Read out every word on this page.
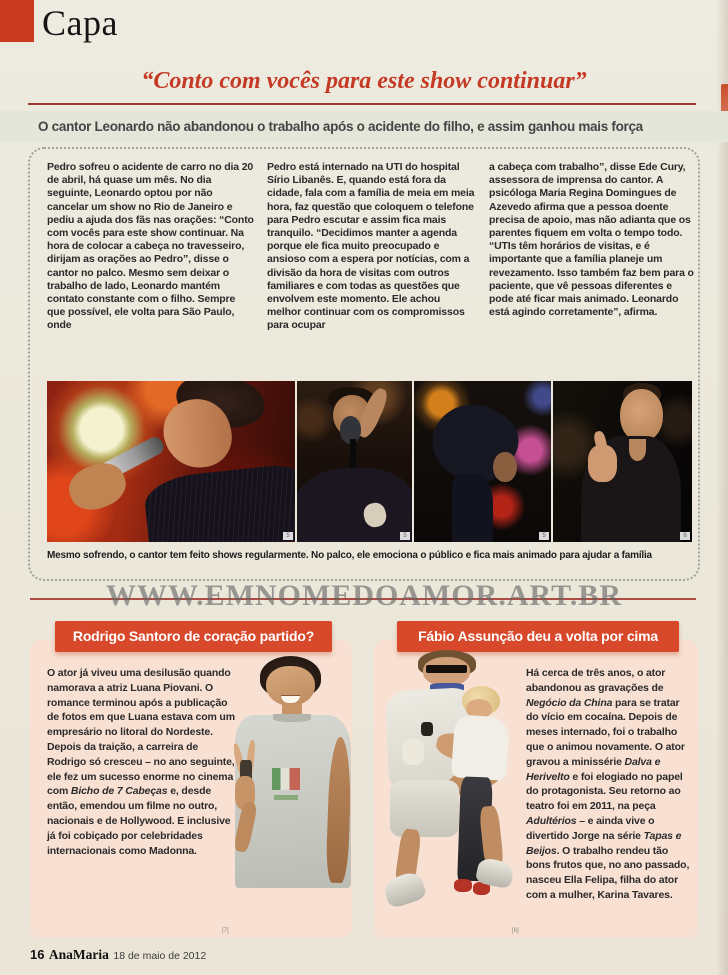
Capa
“Conto com vocês para este show continuar”
O cantor Leonardo não abandonou o trabalho após o acidente do filho, e assim ganhou mais força
Pedro sofreu o acidente de carro no dia 20 de abril, há quase um mês. No dia seguinte, Leonardo optou por não cancelar um show no Rio de Janeiro e pediu a ajuda dos fãs nas orações: “Conto com vocês para este show continuar. Na hora de colocar a cabeça no travesseiro, dirijam as orações ao Pedro”, disse o cantor no palco. Mesmo sem deixar o trabalho de lado, Leonardo mantém contato constante com o filho. Sempre que possível, ele volta para São Paulo, onde
Pedro está internado na UTI do hospital Sírio Libanês. E, quando está fora da cidade, fala com a família de meia em meia hora, faz questão que coloquem o telefone para Pedro escutar e assim fica mais tranquilo. “Decidimos manter a agenda porque ele fica muito preocupado e ansioso com a espera por notícias, com a divisão da hora de visitas com outros familiares e com todas as questões que envolvem este momento. Ele achou melhor continuar com os compromissos para ocupar
a cabeça com trabalho”, disse Ede Cury, assessora de imprensa do cantor. A psicóloga Maria Regina Domingues de Azevedo afirma que a pessoa doente precisa de apoio, mas não adianta que os parentes fiquem em volta o tempo todo. “UTIs têm horários de visitas, e é importante que a família planeje um revezamento. Isso também faz bem para o paciente, que vê pessoas diferentes e pode até ficar mais animado. Leonardo está agindo corretamente”, afirma.
5	5	5	6
Mesmo sofrendo, o cantor tem feito shows regularmente. No palco, ele emociona o público e fica mais animado para ajudar a família
WWW.EMNOMEDOAMOR.ART.BR
Rodrigo Santoro de coração partido?
O ator já viveu uma desilusão quando namorava a atriz Luana Piovani. O romance terminou após a publicação de fotos em que Luana estava com um empresário no litoral do Nordeste. Depois da traição, a carreira de Rodrigo só cresceu – no ano seguinte, ele fez um sucesso enorme no cinema com Bicho de 7 Cabeças e, desde então, emendou um filme no outro, nacionais e de Hollywood. E inclusive já foi cobiçado por celebridades internacionais como Madonna.
[7]
Fábio Assunção deu a volta por cima
Há cerca de três anos, o ator abandonou as gravações de Negócio da China para se tratar do vício em cocaína. Depois de meses internado, foi o trabalho que o animou novamente. O ator gravou a minissérie Dalva e Herivelto e foi elogiado no papel do protagonista. Seu retorno ao teatro foi em 2011, na peça Adultérios – e ainda vive o divertido Jorge na série Tapas e Beijos. O trabalho rendeu tão bons frutos que, no ano passado, nasceu Ella Felipa, filha do ator com a mulher, Karina Tavares.
[6]
16 AnaMaria 18 de maio de 2012
